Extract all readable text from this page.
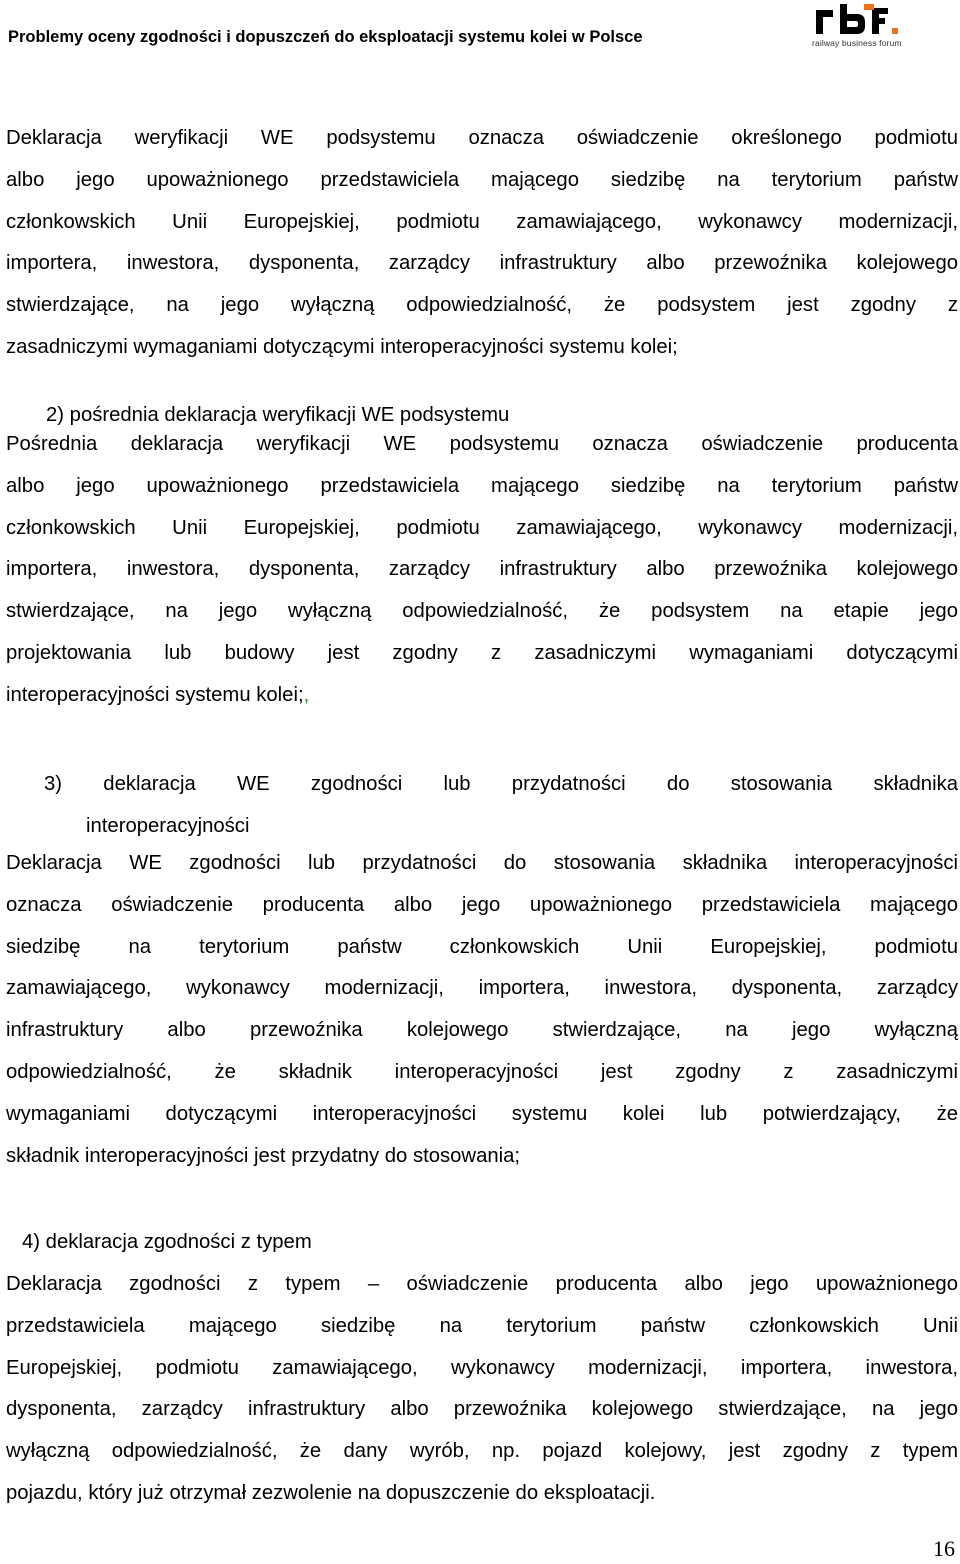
Problemy oceny zgodności i dopuszczeń do eksploatacji systemu kolei w Polsce	railway business forum
Deklaracja weryfikacji WE podsystemu oznacza oświadczenie określonego podmiotu
albo jego upoważnionego przedstawiciela mającego siedzibę na terytorium państw
członkowskich Unii Europejskiej, podmiotu zamawiającego, wykonawcy modernizacji,
importera, inwestora, dysponenta, zarządcy infrastruktury albo przewoźnika kolejowego
stwierdzające, na jego wyłączną odpowiedzialność, że podsystem jest zgodny z
zasadniczymi wymaganiami dotyczącymi interoperacyjności systemu kolei;
2) pośrednia deklaracja weryfikacji WE podsystemu
Pośrednia deklaracja weryfikacji WE podsystemu oznacza oświadczenie producenta
albo jego upoważnionego przedstawiciela mającego siedzibę na terytorium państw
członkowskich Unii Europejskiej, podmiotu zamawiającego, wykonawcy modernizacji,
importera, inwestora, dysponenta, zarządcy infrastruktury albo przewoźnika kolejowego
stwierdzające, na jego wyłączną odpowiedzialność, że podsystem na etapie jego
projektowania lub budowy jest zgodny z zasadniczymi wymaganiami dotyczącymi
interoperacyjności systemu kolei;,
3) deklaracja WE zgodności lub przydatności do stosowania składnika
interoperacyjności
Deklaracja WE zgodności lub przydatności do stosowania składnika interoperacyjności
oznacza oświadczenie producenta albo jego upoważnionego przedstawiciela mającego
siedzibę na terytorium państw członkowskich Unii Europejskiej, podmiotu
zamawiającego, wykonawcy modernizacji, importera, inwestora, dysponenta, zarządcy
infrastruktury albo przewoźnika kolejowego stwierdzające, na jego wyłączną
odpowiedzialność, że składnik interoperacyjności jest zgodny z zasadniczymi
wymaganiami dotyczącymi interoperacyjności systemu kolei lub potwierdzający, że
składnik interoperacyjności jest przydatny do stosowania;
4) deklaracja zgodności z typem
Deklaracja zgodności z typem – oświadczenie producenta albo jego upoważnionego
przedstawiciela mającego siedzibę na terytorium państw członkowskich Unii
Europejskiej, podmiotu zamawiającego, wykonawcy modernizacji, importera, inwestora,
dysponenta, zarządcy infrastruktury albo przewoźnika kolejowego stwierdzające, na jego
wyłączną odpowiedzialność, że dany wyrób, np. pojazd kolejowy, jest zgodny z typem
pojazdu, który już otrzymał zezwolenie na dopuszczenie do eksploatacji.
16
